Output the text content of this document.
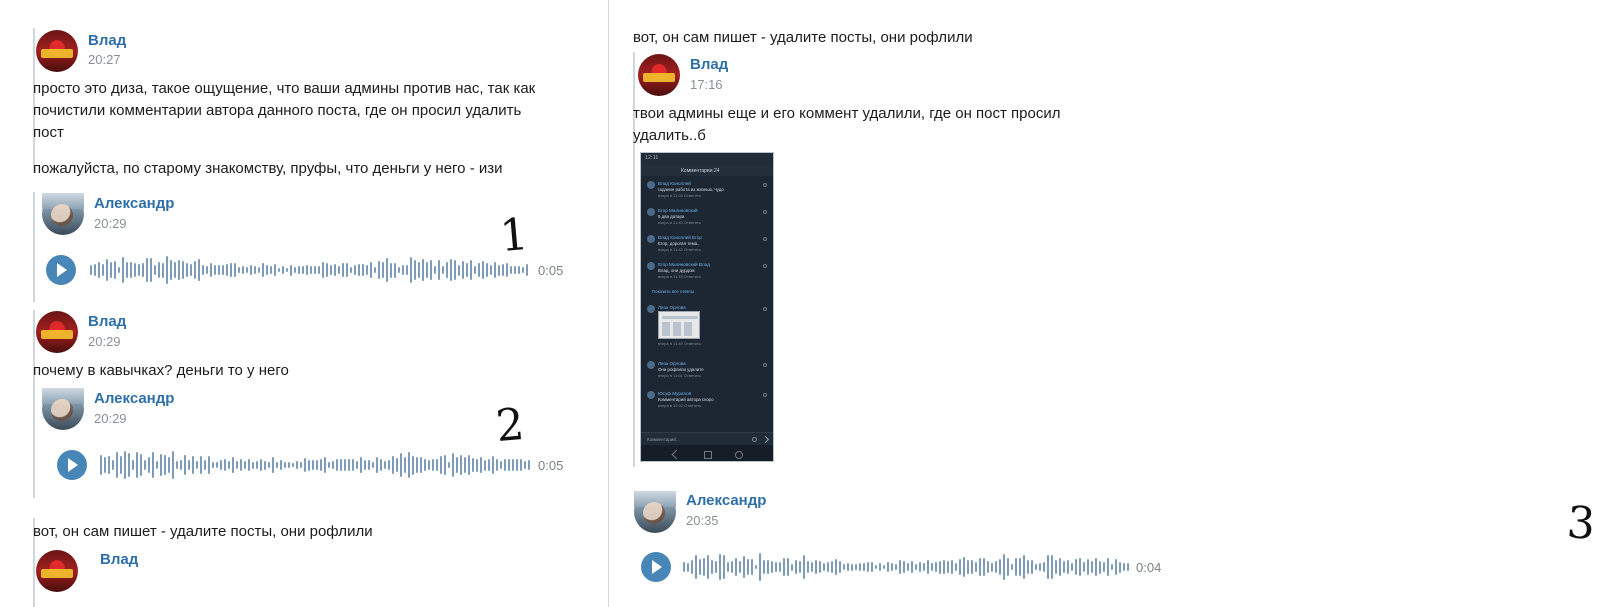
Влад
20:27
просто это диза, такое ощущение, что ваши админы против нас, так как
почистили комментарии автора данного поста, где он просил удалить
пост
пожалуйста, по старому знакомству, пруфы, что деньги у него - изи
Александр
20:29
0:05
1
Влад
20:29
почему в кавычках? деньги то у него
Александр
20:29
0:05
2
вот, он сам пишет - удалите посты, они рофлили
Влад
вот, он сам пишет - удалите посты, они рофлили
Влад
17:16
твои админы еще и его коммент удалили, где он пост просил
удалить..б
12:11
Комментарии 24
Влад Коноплей
гадание работа из жизнью, чудо
вчера в 11:03 Ответить
Егор Малиновский
5 два датара
вчера в 11:40 Ответить
Влад Коноплей Егор
Егор, дорогая тема..
вчера в 11:42 Ответить
Егор Малиновский Влад
Влад, они дурдом
вчера в 11:43 Ответить
Показать все ответы
Лиза Орлова
вчера в 11:45 Ответить
Лиза Орлова
Они рофлили удалите
вчера в 11:51 Ответить
Юсуф Муралов
Комментарий автора скоро
вчера в 12:02 Ответить
Комментарий...
Александр
20:35
0:04
3
